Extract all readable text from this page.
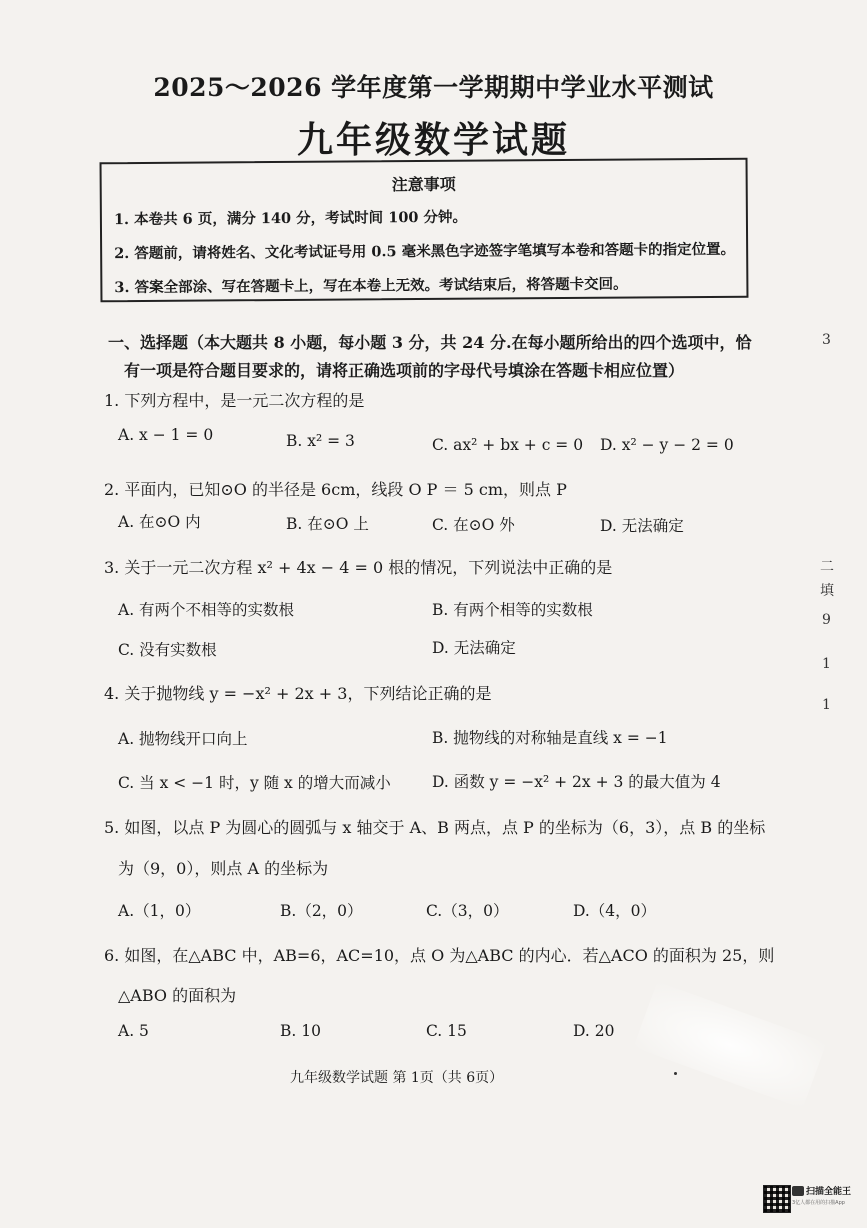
2025～2026 学年度第一学期期中学业水平测试
九年级数学试题
注意事项
1. 本卷共 6 页，满分 140 分，考试时间 100 分钟。
2. 答题前，请将姓名、文化考试证号用 0.5 毫米黑色字迹签字笔填写本卷和答题卡的指定位置。
3. 答案全部涂、写在答题卡上，写在本卷上无效。考试结束后，将答题卡交回。
一、选择题（本大题共 8 小题，每小题 3 分，共 24 分.在每小题所给出的四个选项中，恰
有一项是符合题目要求的，请将正确选项前的字母代号填涂在答题卡相应位置）
1. 下列方程中，是一元二次方程的是
A. x − 1 = 0	B. x² = 3	C. ax² + bx + c = 0 D. x² − y − 2 = 0
2. 平面内，已知⊙O 的半径是 6cm，线段 O P ＝ 5 cm，则点 P
A. 在⊙O 内	B. 在⊙O 上	C. 在⊙O 外	D. 无法确定
3. 关于一元二次方程 x² + 4x − 4 = 0 根的情况，下列说法中正确的是
A. 有两个不相等的实数根	B. 有两个相等的实数根
C. 没有实数根	D. 无法确定
4. 关于抛物线 y = −x² + 2x + 3，下列结论正确的是
A. 抛物线开口向上	B. 抛物线的对称轴是直线 x = −1
C. 当 x < −1 时，y 随 x 的增大而减小	D. 函数 y = −x² + 2x + 3 的最大值为 4
5. 如图，以点 P 为圆心的圆弧与 x 轴交于 A、B 两点，点 P 的坐标为（6，3），点 B 的坐标
为（9，0），则点 A 的坐标为
A.（1，0）	B.（2，0）	C.（3，0）	D.（4，0）
6. 如图，在△ABC 中，AB=6，AC=10，点 O 为△ABC 的内心．若△ACO 的面积为 25，则
△ABO 的面积为
A. 5	B. 10	C. 15	D. 20
九年级数学试题 第 1页（共 6页）
3
二
填
9
1
1
扫描全能王
3亿人都在用的扫描App
